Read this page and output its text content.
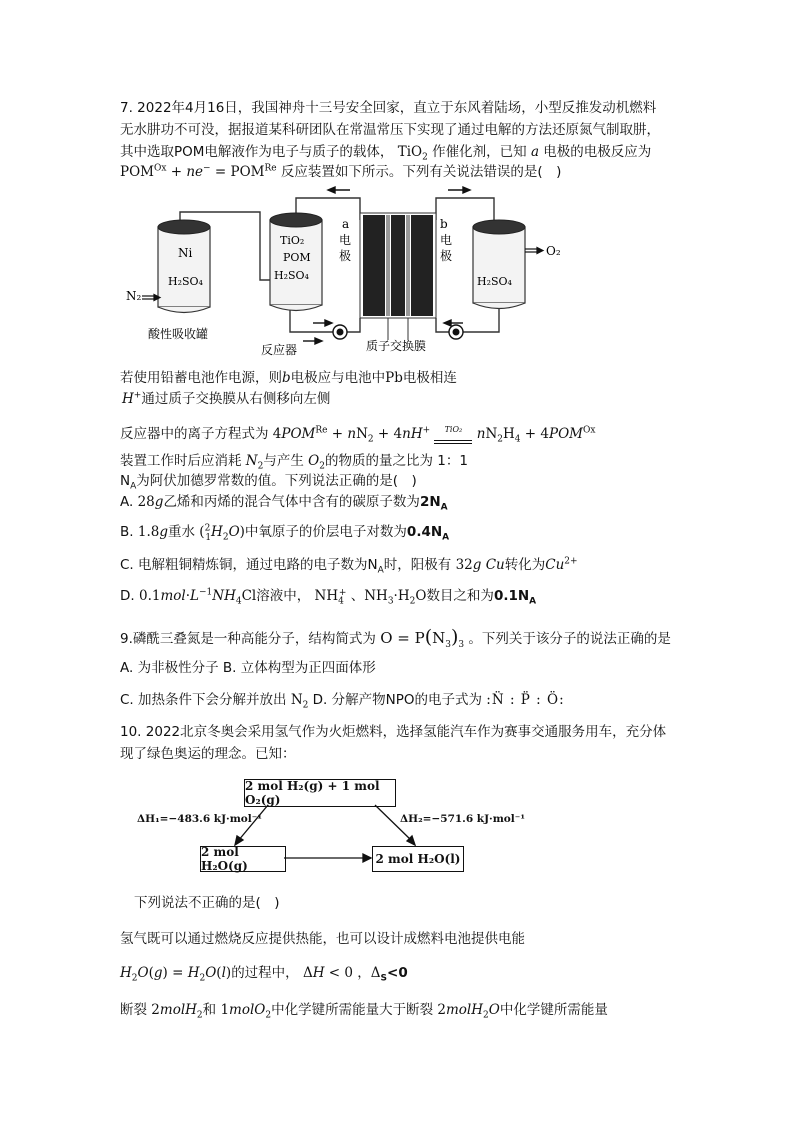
7. 2022年4月16日，我国神舟十三号安全回家，直立于东风着陆场，小型反推发动机燃料
无水肼功不可没，据报道某科研团队在常温常压下实现了通过电解的方法还原氮气制取肼，
其中选取POM电解液作为电子与质子的载体， TiO$_2$ 作催化剂，已知 a 电极的电极反应为
$POM^{Ox} + ne^- = POM^{Re}$ 反应装置如下所示。下列有关说法错误的是(　)
Ni
H₂SO₄
N₂
TiO₂
POM
H₂SO₄
a
电
极
b
电
极
H₂SO₄
O₂
酸性吸收罐
反应器	质子交换膜
若使用铅蓄电池作电源，则b电极应与电池中Pb电极相连
H+通过质子交换膜从右侧移向左侧
反应器中的离子方程式为 $4POM^{Re} + nN_2 + 4nH^+$ TiO₂ $nN_2H_4 + 4POM^{Ox}$
装置工作时后应消耗 $N_2$与产生 $O_2$的物质的量之比为 1：1
$N_A$为阿伏加德罗常数的值。下列说法正确的是(　)
A. 28g乙烯和丙烯的混合气体中含有的碳原子数为$2N_A$
B. 1.8g重水 $(^2_1H_2O)$中氧原子的价层电子对数为$0.4N_A$
C. 电解粗铜精炼铜，通过电路的电子数为$N_A$时，阳极有 32g Cu转化为$Cu^{2+}$
D. $0.1mol\cdot L^{-1}NH_4Cl$溶液中， $NH_4^+$ 、$NH_3\cdot H_2O$数目之和为$0.1N_A$
9.磷酰三叠氮是一种高能分子，结构简式为 $O = P(N_3)_3$ 。下列关于该分子的说法正确的是
A. 为非极性分子 B. 立体构型为正四面体形
C. 加热条件下会分解并放出 $N_2$ D. 分解产物NPO的电子式为 :N̈ : P̈ : Ö:
10. 2022北京冬奥会采用氢气作为火炬燃料，选择氢能汽车作为赛事交通服务用车，充分体
现了绿色奥运的理念。已知：
2 mol H₂(g) + 1 mol O₂(g)
2 mol H₂O(g)	2 mol H₂O(l)
ΔH₁=−483.6 kJ·mol⁻¹	ΔH₂=−571.6 kJ·mol⁻¹
下列说法不正确的是(　)
氢气既可以通过燃烧反应提供热能，也可以设计成燃料电池提供电能
$H_2O(g) = H_2O(l)$的过程中， ΔH < 0 ，$\Delta_S<0$
断裂 2molH$_2$和 1molO$_2$中化学键所需能量大于断裂 2molH$_2$O中化学键所需能量
